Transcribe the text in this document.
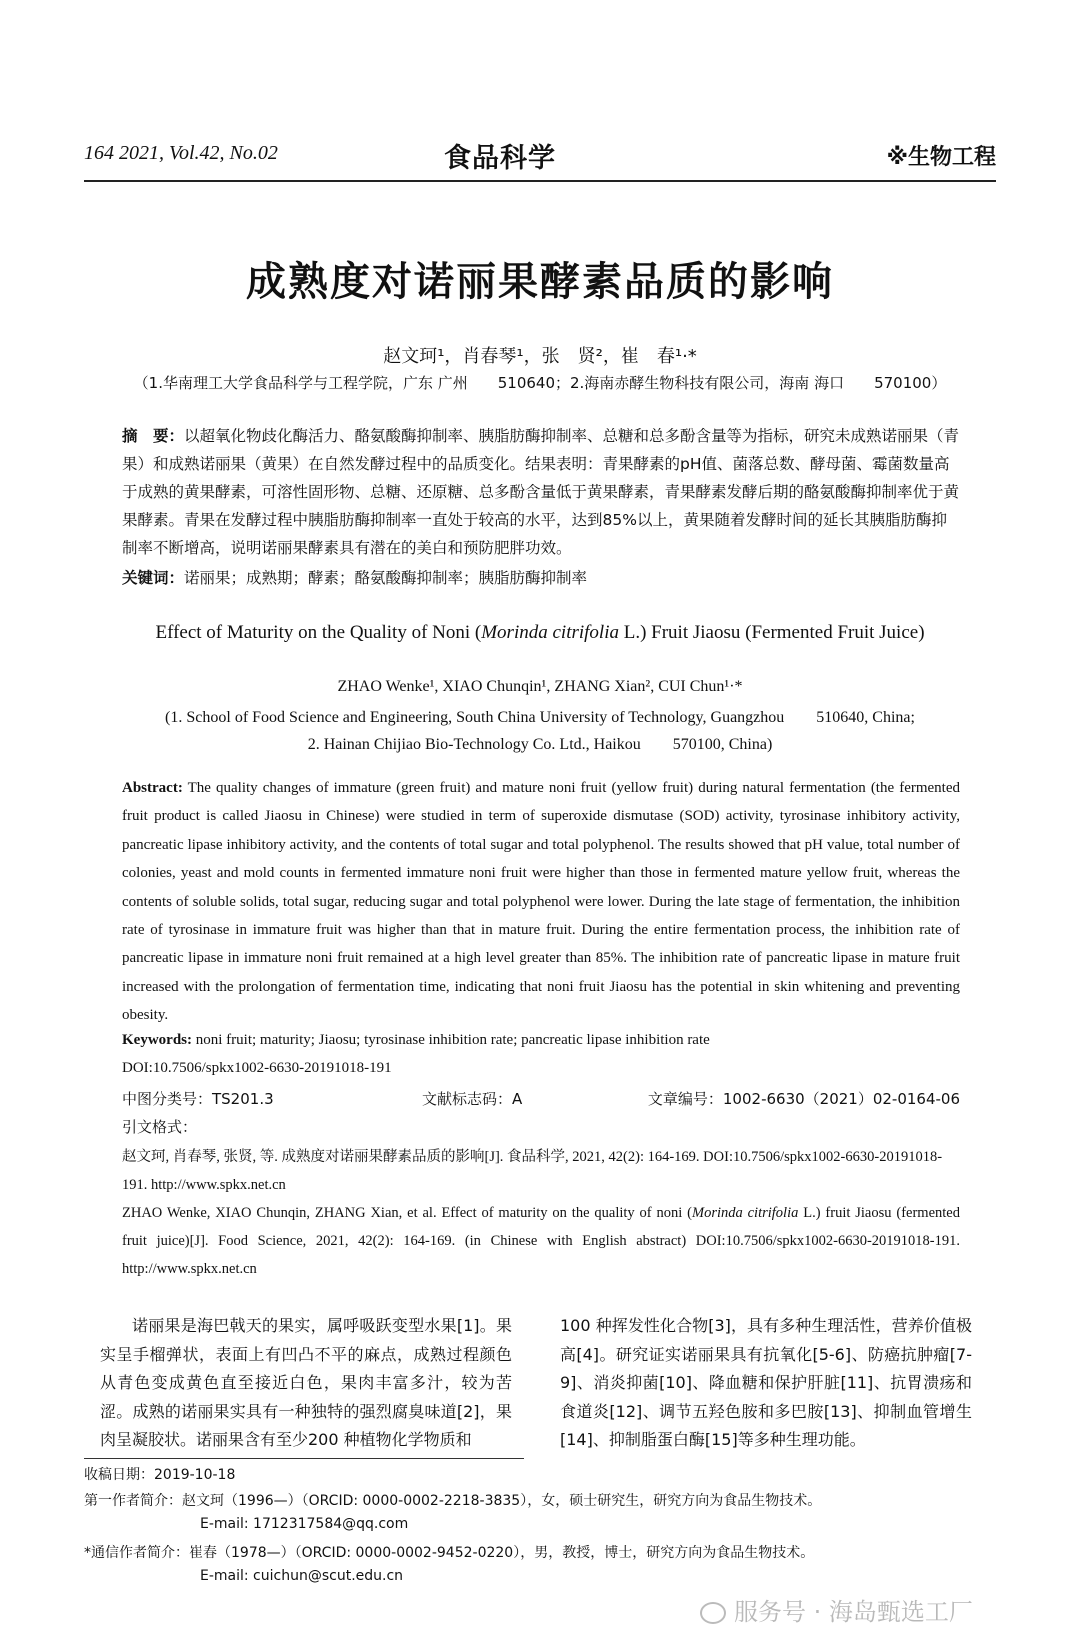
164 2021, Vol.42, No.02	食品科学	※生物工程
成熟度对诺丽果酵素品质的影响
赵文珂¹，肖春琴¹，张　贤²，崔　春¹·*
（1.华南理工大学食品科学与工程学院，广东 广州　　510640；2.海南赤酵生物科技有限公司，海南 海口　　570100）
摘　要：以超氧化物歧化酶活力、酪氨酸酶抑制率、胰脂肪酶抑制率、总糖和总多酚含量等为指标，研究未成熟诺丽果（青果）和成熟诺丽果（黄果）在自然发酵过程中的品质变化。结果表明：青果酵素的pH值、菌落总数、酵母菌、霉菌数量高于成熟的黄果酵素，可溶性固形物、总糖、还原糖、总多酚含量低于黄果酵素，青果酵素发酵后期的酪氨酸酶抑制率优于黄果酵素。青果在发酵过程中胰脂肪酶抑制率一直处于较高的水平，达到85%以上，黄果随着发酵时间的延长其胰脂肪酶抑制率不断增高，说明诺丽果酵素具有潜在的美白和预防肥胖功效。
关键词：诺丽果；成熟期；酵素；酪氨酸酶抑制率；胰脂肪酶抑制率
Effect of Maturity on the Quality of Noni (Morinda citrifolia L.) Fruit Jiaosu (Fermented Fruit Juice)
ZHAO Wenke¹, XIAO Chunqin¹, ZHANG Xian², CUI Chun¹·*
(1. School of Food Science and Engineering, South China University of Technology, Guangzhou　　510640, China;
2. Hainan Chijiao Bio-Technology Co. Ltd., Haikou　　570100, China)
Abstract: The quality changes of immature (green fruit) and mature noni fruit (yellow fruit) during natural fermentation (the fermented fruit product is called Jiaosu in Chinese) were studied in term of superoxide dismutase (SOD) activity, tyrosinase inhibitory activity, pancreatic lipase inhibitory activity, and the contents of total sugar and total polyphenol. The results showed that pH value, total number of colonies, yeast and mold counts in fermented immature noni fruit were higher than those in fermented mature yellow fruit, whereas the contents of soluble solids, total sugar, reducing sugar and total polyphenol were lower. During the late stage of fermentation, the inhibition rate of tyrosinase in immature fruit was higher than that in mature fruit. During the entire fermentation process, the inhibition rate of pancreatic lipase in immature noni fruit remained at a high level greater than 85%. The inhibition rate of pancreatic lipase in mature fruit increased with the prolongation of fermentation time, indicating that noni fruit Jiaosu has the potential in skin whitening and preventing obesity.
Keywords: noni fruit; maturity; Jiaosu; tyrosinase inhibition rate; pancreatic lipase inhibition rate
DOI:10.7506/spkx1002-6630-20191018-191
中图分类号：TS201.3	文献标志码：A	文章编号：1002-6630（2021）02-0164-06
引文格式：
赵文珂, 肖春琴, 张贤, 等. 成熟度对诺丽果酵素品质的影响[J]. 食品科学, 2021, 42(2): 164-169. DOI:10.7506/spkx1002-6630-20191018-191. http://www.spkx.net.cn
ZHAO Wenke, XIAO Chunqin, ZHANG Xian, et al. Effect of maturity on the quality of noni (Morinda citrifolia L.) fruit Jiaosu (fermented fruit juice)[J]. Food Science, 2021, 42(2): 164-169. (in Chinese with English abstract) DOI:10.7506/spkx1002-6630-20191018-191. http://www.spkx.net.cn

诺丽果是海巴戟天的果实，属呼吸跃变型水果[1]。果实呈手榴弹状，表面上有凹凸不平的麻点，成熟过程颜色从青色变成黄色直至接近白色，果肉丰富多汁，较为苦涩。成熟的诺丽果实具有一种独特的强烈腐臭味道[2]，果肉呈凝胶状。诺丽果含有至少200 种植物化学物质和

100 种挥发性化合物[3]，具有多种生理活性，营养价值极高[4]。研究证实诺丽果具有抗氧化[5-6]、防癌抗肿瘤[7-9]、消炎抑菌[10]、降血糖和保护肝脏[11]、抗胃溃疡和食道炎[12]、调节五羟色胺和多巴胺[13]、抑制血管增生[14]、抑制脂蛋白酶[15]等多种生理功能。

收稿日期：2019-10-18
第一作者简介：赵文珂（1996—）（ORCID: 0000-0002-2218-3835），女，硕士研究生，研究方向为食品生物技术。
E-mail: 1712317584@qq.com
*通信作者简介：崔春（1978—）（ORCID: 0000-0002-9452-0220），男，教授，博士，研究方向为食品生物技术。
E-mail: cuichun@scut.edu.cn
服务号 · 海岛甄选工厂
